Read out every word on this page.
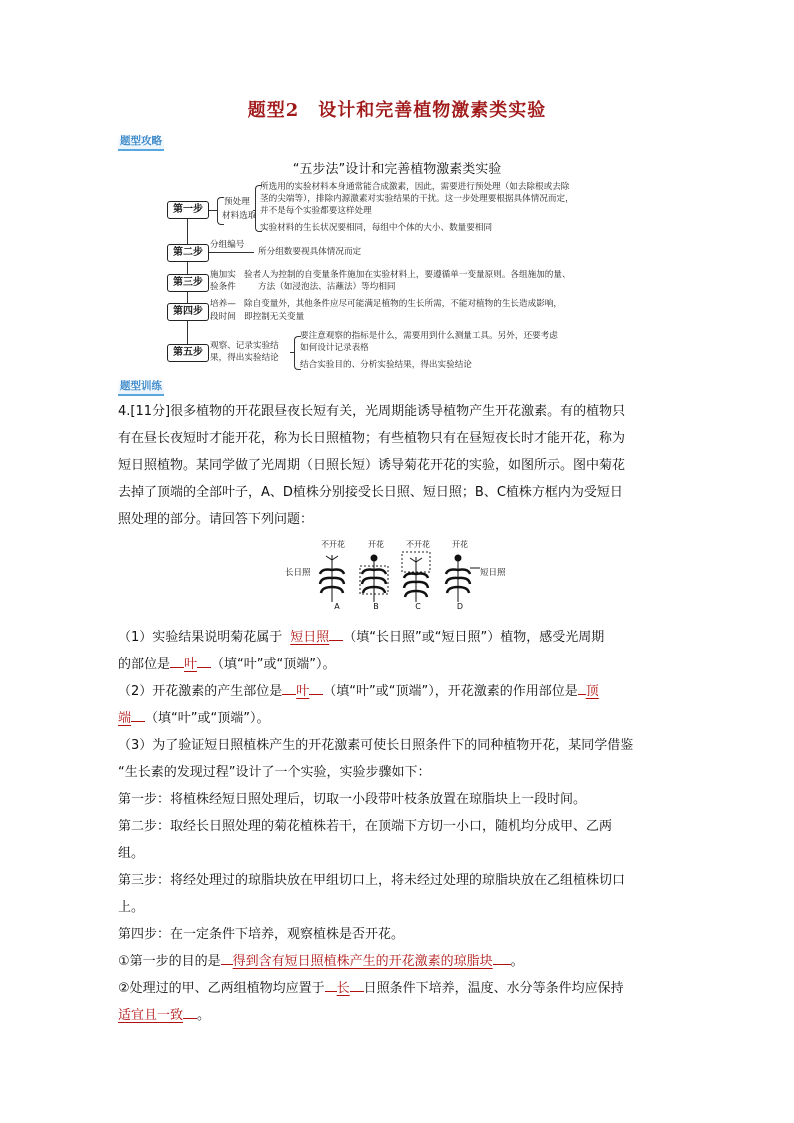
题型2　设计和完善植物激素类实验
题型攻略
“五步法”设计和完善植物激素类实验
第一步
第二步
第三步
第四步
第五步
预处理
材料选取
所选用的实验材料本身通常能合成激素，因此，需要进行预处理（如去除根或去除
茎的尖端等），排除内源激素对实验结果的干扰。这一步处理要根据具体情况而定，
并不是每个实验都要这样处理
实验材料的生长状况要相同，每组中个体的大小、数量要相同
分组编号
所分组数要视具体情况而定
施加实
验条件
验者人为控制的自变量条件施加在实验材料上，要遵循单一变量原则。各组施加的量、
方法（如浸泡法、沾蘸法）等均相同
培养—
段时间
除自变量外，其他条件应尽可能满足植物的生长所需，不能对植物的生长造成影响，
即控制无关变量
观察、记录实验结
果，得出实验结论
要注意观察的指标是什么，需要用到什么测量工具。另外，还要考虑
如何设计记录表格
结合实验目的、分析实验结果，得出实验结论
题型训练
4.[11分]很多植物的开花跟昼夜长短有关，光周期能诱导植物产生开花激素。有的植物只
有在昼长夜短时才能开花，称为长日照植物；有些植物只有在昼短夜长时才能开花，称为
短日照植物。某同学做了光周期（日照长短）诱导菊花开花的实验，如图所示。图中菊花
去掉了顶端的全部叶子，A、D植株分别接受长日照、短日照；B、C植株方框内为受短日
照处理的部分。请回答下列问题：
不开花	开花	不开花	开花
长日照	短日照
A	B	C	D
（1）实验结果说明菊花属于 短日照 （填“长日照”或“短日照”）植物，感受光周期
的部位是 叶 （填“叶”或“顶端”）。
（2）开花激素的产生部位是 叶 （填“叶”或“顶端”），开花激素的作用部位是 顶
端 （填“叶”或“顶端”）。
（3）为了验证短日照植株产生的开花激素可使长日照条件下的同种植物开花，某同学借鉴
“生长素的发现过程”设计了一个实验，实验步骤如下：
第一步：将植株经短日照处理后，切取一小段带叶枝条放置在琼脂块上一段时间。
第二步：取经长日照处理的菊花植株若干，在顶端下方切一小口，随机均分成甲、乙两
组。
第三步：将经处理过的琼脂块放在甲组切口上，将未经过处理的琼脂块放在乙组植株切口
上。
第四步：在一定条件下培养，观察植株是否开花。
①第一步的目的是 得到含有短日照植株产生的开花激素的琼脂块 。
②处理过的甲、乙两组植物均应置于 长 日照条件下培养，温度、水分等条件均应保持
适宜且一致 。
